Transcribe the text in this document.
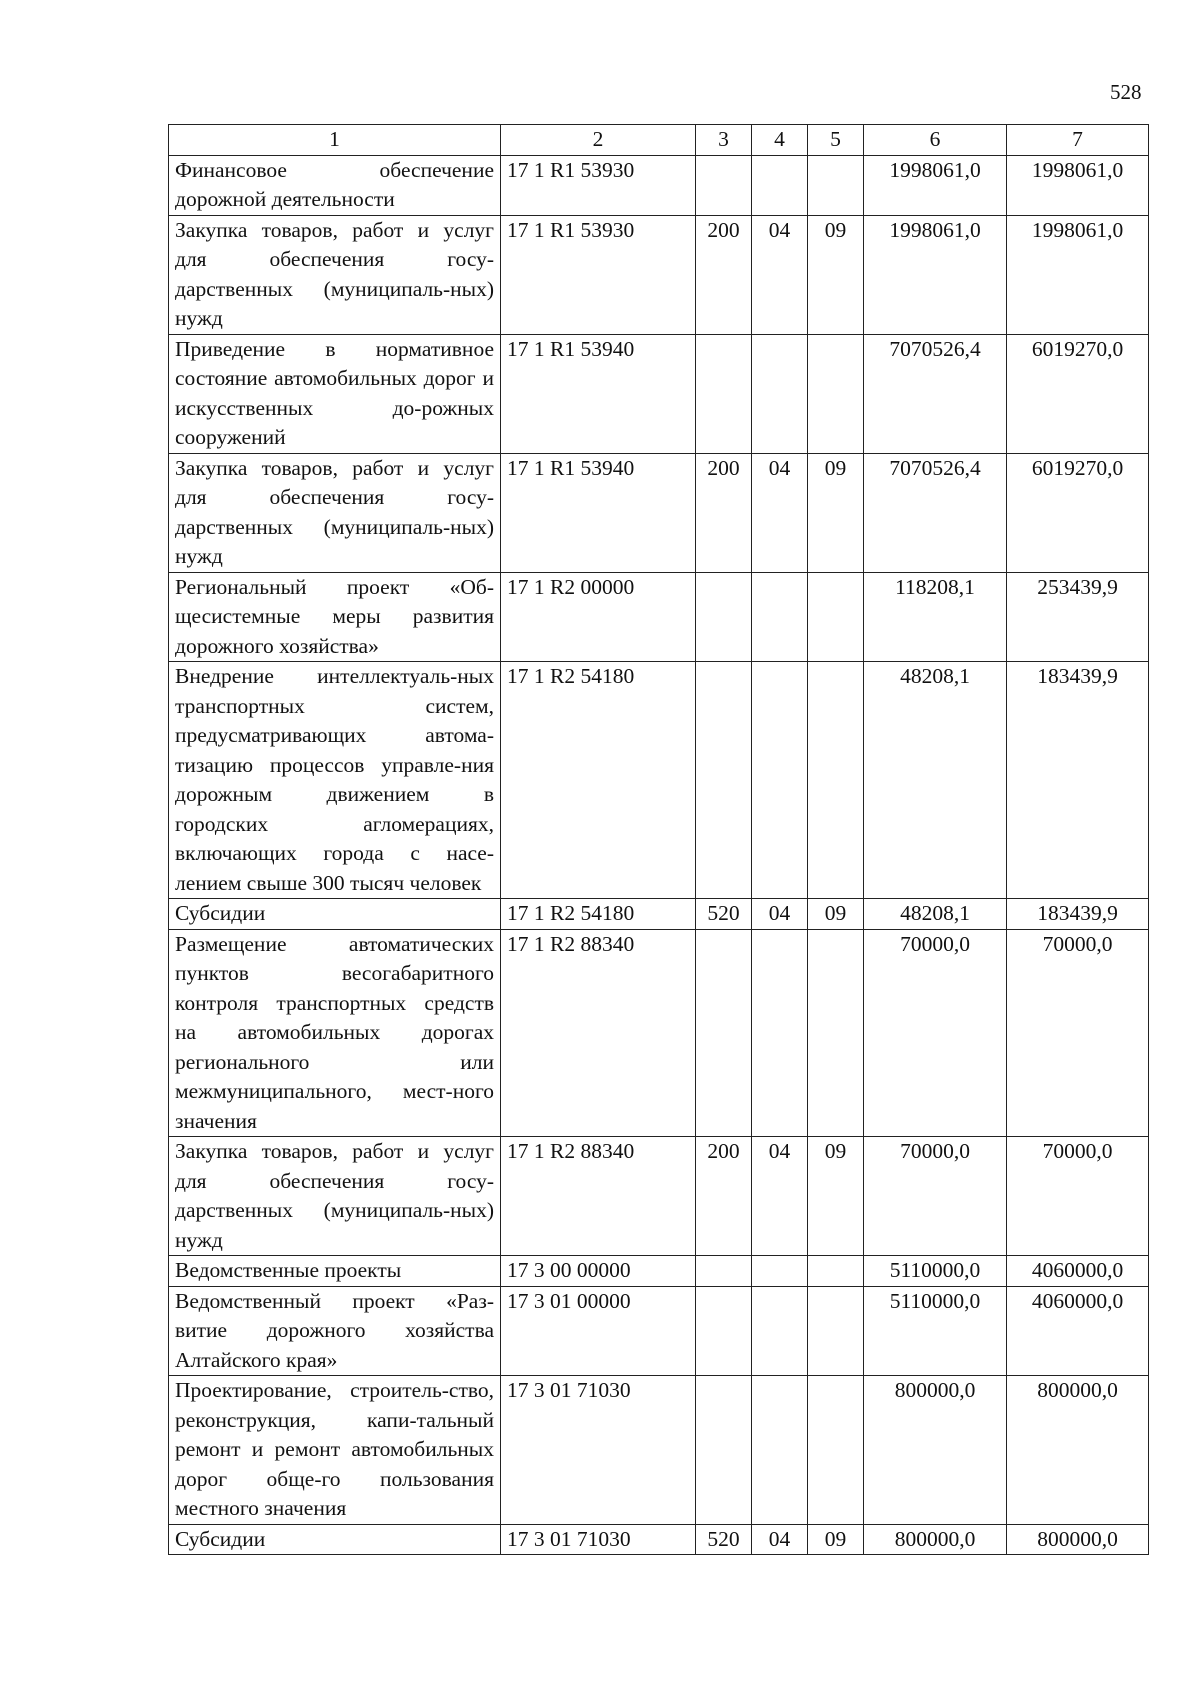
528
1	2	3	4	5	6	7
Финансовое обеспечение дорожной деятельности	17 1 R1 53930				1998061,0	1998061,0
Закупка товаров, работ и услуг для обеспечения госу-дарственных (муниципаль-ных) нужд	17 1 R1 53930	200	04	09	1998061,0	1998061,0
Приведение в нормативное состояние автомобильных дорог и искусственных до-рожных сооружений	17 1 R1 53940				7070526,4	6019270,0
Закупка товаров, работ и услуг для обеспечения госу-дарственных (муниципаль-ных) нужд	17 1 R1 53940	200	04	09	7070526,4	6019270,0
Региональный проект «Об-щесистемные меры развития дорожного хозяйства»	17 1 R2 00000				118208,1	253439,9
Внедрение интеллектуаль-ных транспортных систем, предусматривающих автома-тизацию процессов управле-ния дорожным движением в городских агломерациях, включающих города с насе-лением свыше 300 тысяч человек	17 1 R2 54180				48208,1	183439,9
Субсидии	17 1 R2 54180	520	04	09	48208,1	183439,9
Размещение автоматических пунктов весогабаритного контроля транспортных средств на автомобильных дорогах регионального или межмуниципального, мест-ного значения	17 1 R2 88340				70000,0	70000,0
Закупка товаров, работ и услуг для обеспечения госу-дарственных (муниципаль-ных) нужд	17 1 R2 88340	200	04	09	70000,0	70000,0
Ведомственные проекты	17 3 00 00000				5110000,0	4060000,0
Ведомственный проект «Раз-витие дорожного хозяйства Алтайского края»	17 3 01 00000				5110000,0	4060000,0
Проектирование, строитель-ство, реконструкция, капи-тальный ремонт и ремонт автомобильных дорог обще-го пользования местного значения	17 3 01 71030				800000,0	800000,0
Субсидии	17 3 01 71030	520	04	09	800000,0	800000,0
